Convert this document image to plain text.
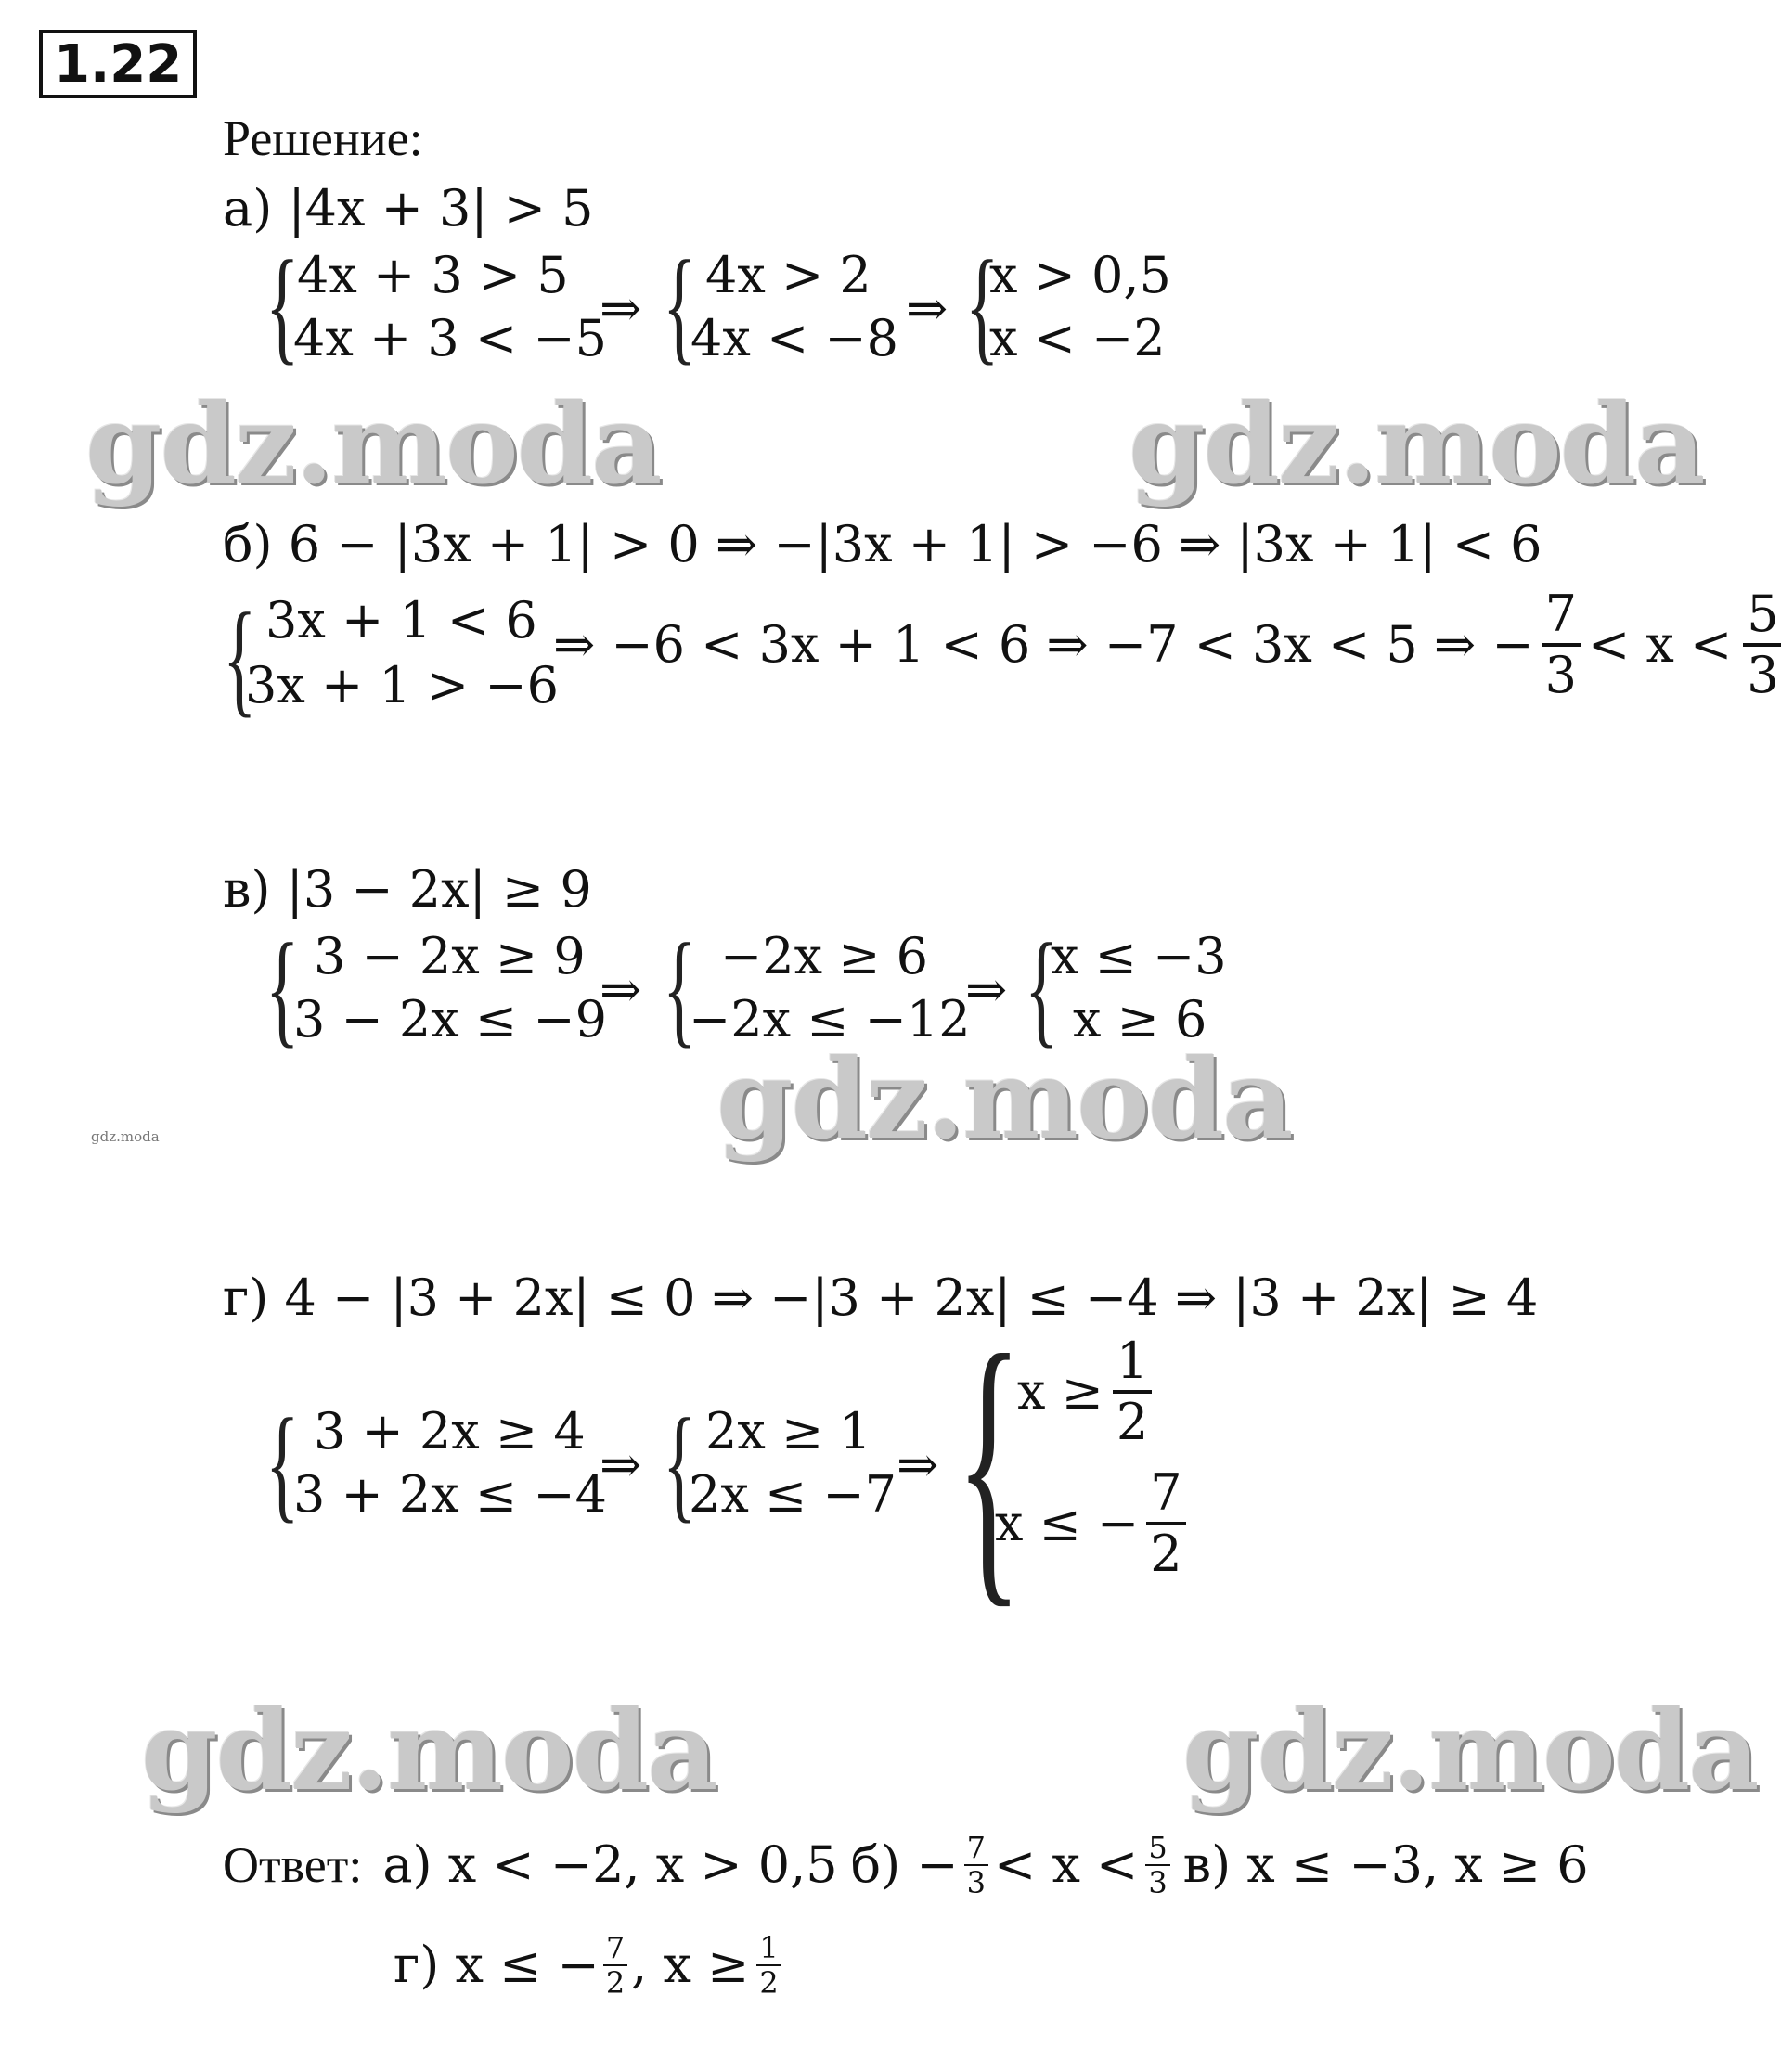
1.22
Решение:
а) |4x + 3| > 5
{
4x + 3 > 5
4x + 3 < −5
⇒ { 4x > 2
4x < −8
⇒ {
x > 0,5
x < −2
gdz.moda	gdz.moda
б) 6 − |3x + 1| > 0 ⇒ −|3x + 1| > −6 ⇒ |3x + 1| < 6
{ 3x + 1 < 6
3x + 1 > −6
⇒ −6 < 3x + 1 < 6 ⇒ −7 < 3x < 5 ⇒ − $\frac{7}{3} < x < \frac{5}{3}$
в) |3 − 2x| ≥ 9
{ 3 − 2x ≥ 9
3 − 2x ≤ −9
⇒ { −2x ≥ 6
−2x ≤ −12
⇒ {
x ≤ −3
x ≥ 6
gdz.moda
gdz.moda
г) 4 − |3 + 2x| ≤ 0 ⇒ −|3 + 2x| ≤ −4 ⇒ |3 + 2x| ≥ 4
{ 3 + 2x ≥ 4
3 + 2x ≤ −4
⇒ { 2x ≥ 1
2x ≤ −7
⇒ {
$x \ge \frac{1}{2}$
x ≤ − $\frac{7}{2}$
gdz.moda	gdz.moda
Ответ: а) x < −2, x > 0,5 $б) - \frac{7}{3} < x < \frac{5}{3} в$) x ≤ −3, x ≥ 6
г) x ≤ − $\frac{7}{2}$ , $x \ge \frac{1}{2}$
